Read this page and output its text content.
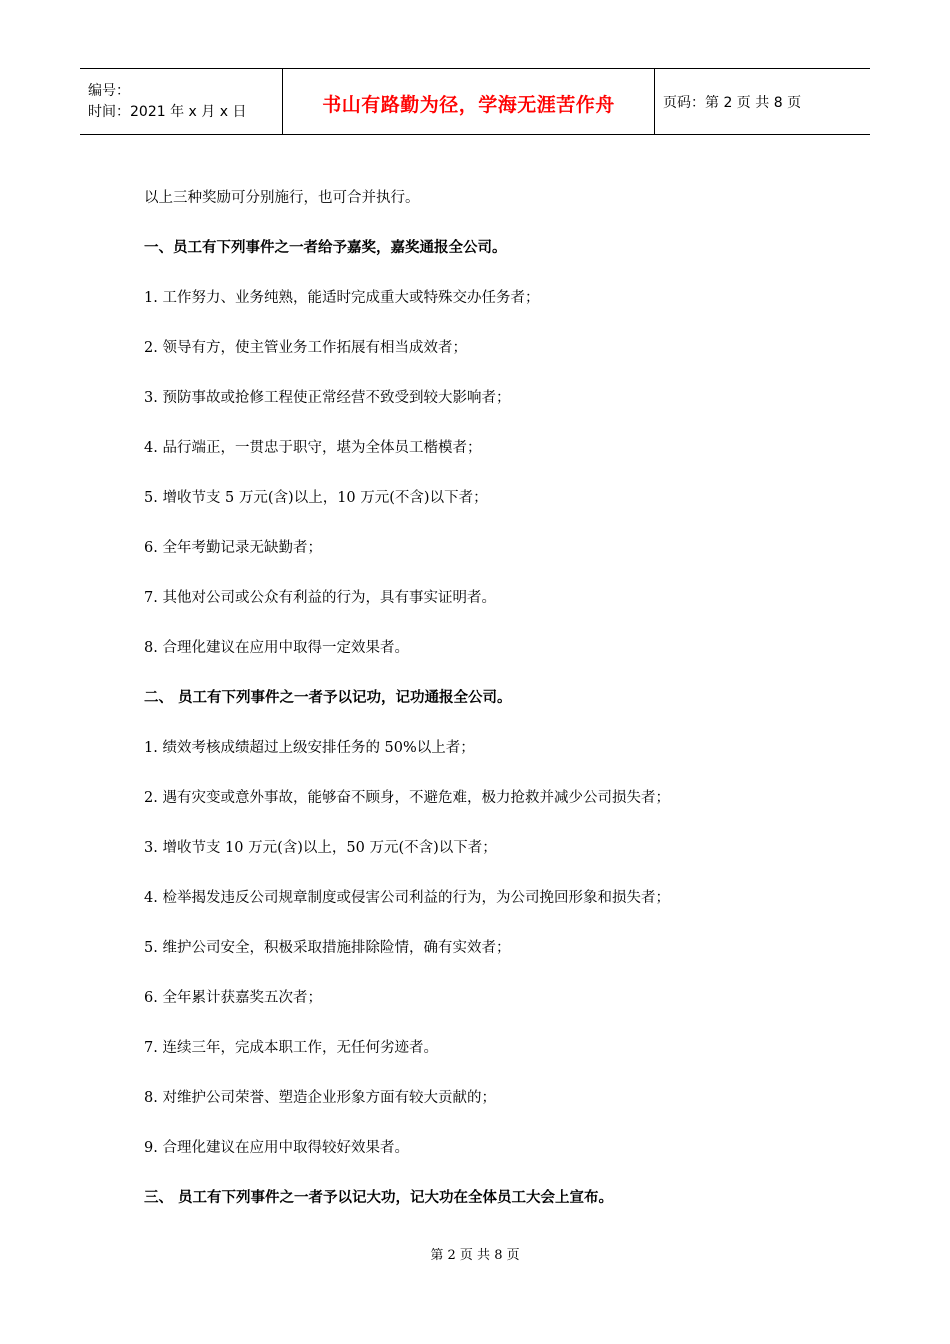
编号：
时间：2021 年 x 月 x 日	书山有路勤为径，学海无涯苦作舟	页码：第 2 页 共 8 页
以上三种奖励可分别施行，也可合并执行。
一、员工有下列事件之一者给予嘉奖，嘉奖通报全公司。
1. 工作努力、业务纯熟，能适时完成重大或特殊交办任务者；
2. 领导有方，使主管业务工作拓展有相当成效者；
3. 预防事故或抢修工程使正常经营不致受到较大影响者；
4. 品行端正，一贯忠于职守，堪为全体员工楷模者；
5. 增收节支 5 万元(含)以上，10 万元(不含)以下者；
6. 全年考勤记录无缺勤者；
7. 其他对公司或公众有利益的行为，具有事实证明者。
8. 合理化建议在应用中取得一定效果者。
二、 员工有下列事件之一者予以记功，记功通报全公司。
1. 绩效考核成绩超过上级安排任务的 50%以上者；
2. 遇有灾变或意外事故，能够奋不顾身，不避危难，极力抢救并减少公司损失者；
3. 增收节支 10 万元(含)以上，50 万元(不含)以下者；
4. 检举揭发违反公司规章制度或侵害公司利益的行为，为公司挽回形象和损失者；
5. 维护公司安全，积极采取措施排除险情，确有实效者；
6. 全年累计获嘉奖五次者；
7. 连续三年，完成本职工作，无任何劣迹者。
8. 对维护公司荣誉、塑造企业形象方面有较大贡献的；
9. 合理化建议在应用中取得较好效果者。
三、 员工有下列事件之一者予以记大功，记大功在全体员工大会上宣布。
第 2 页 共 8 页
